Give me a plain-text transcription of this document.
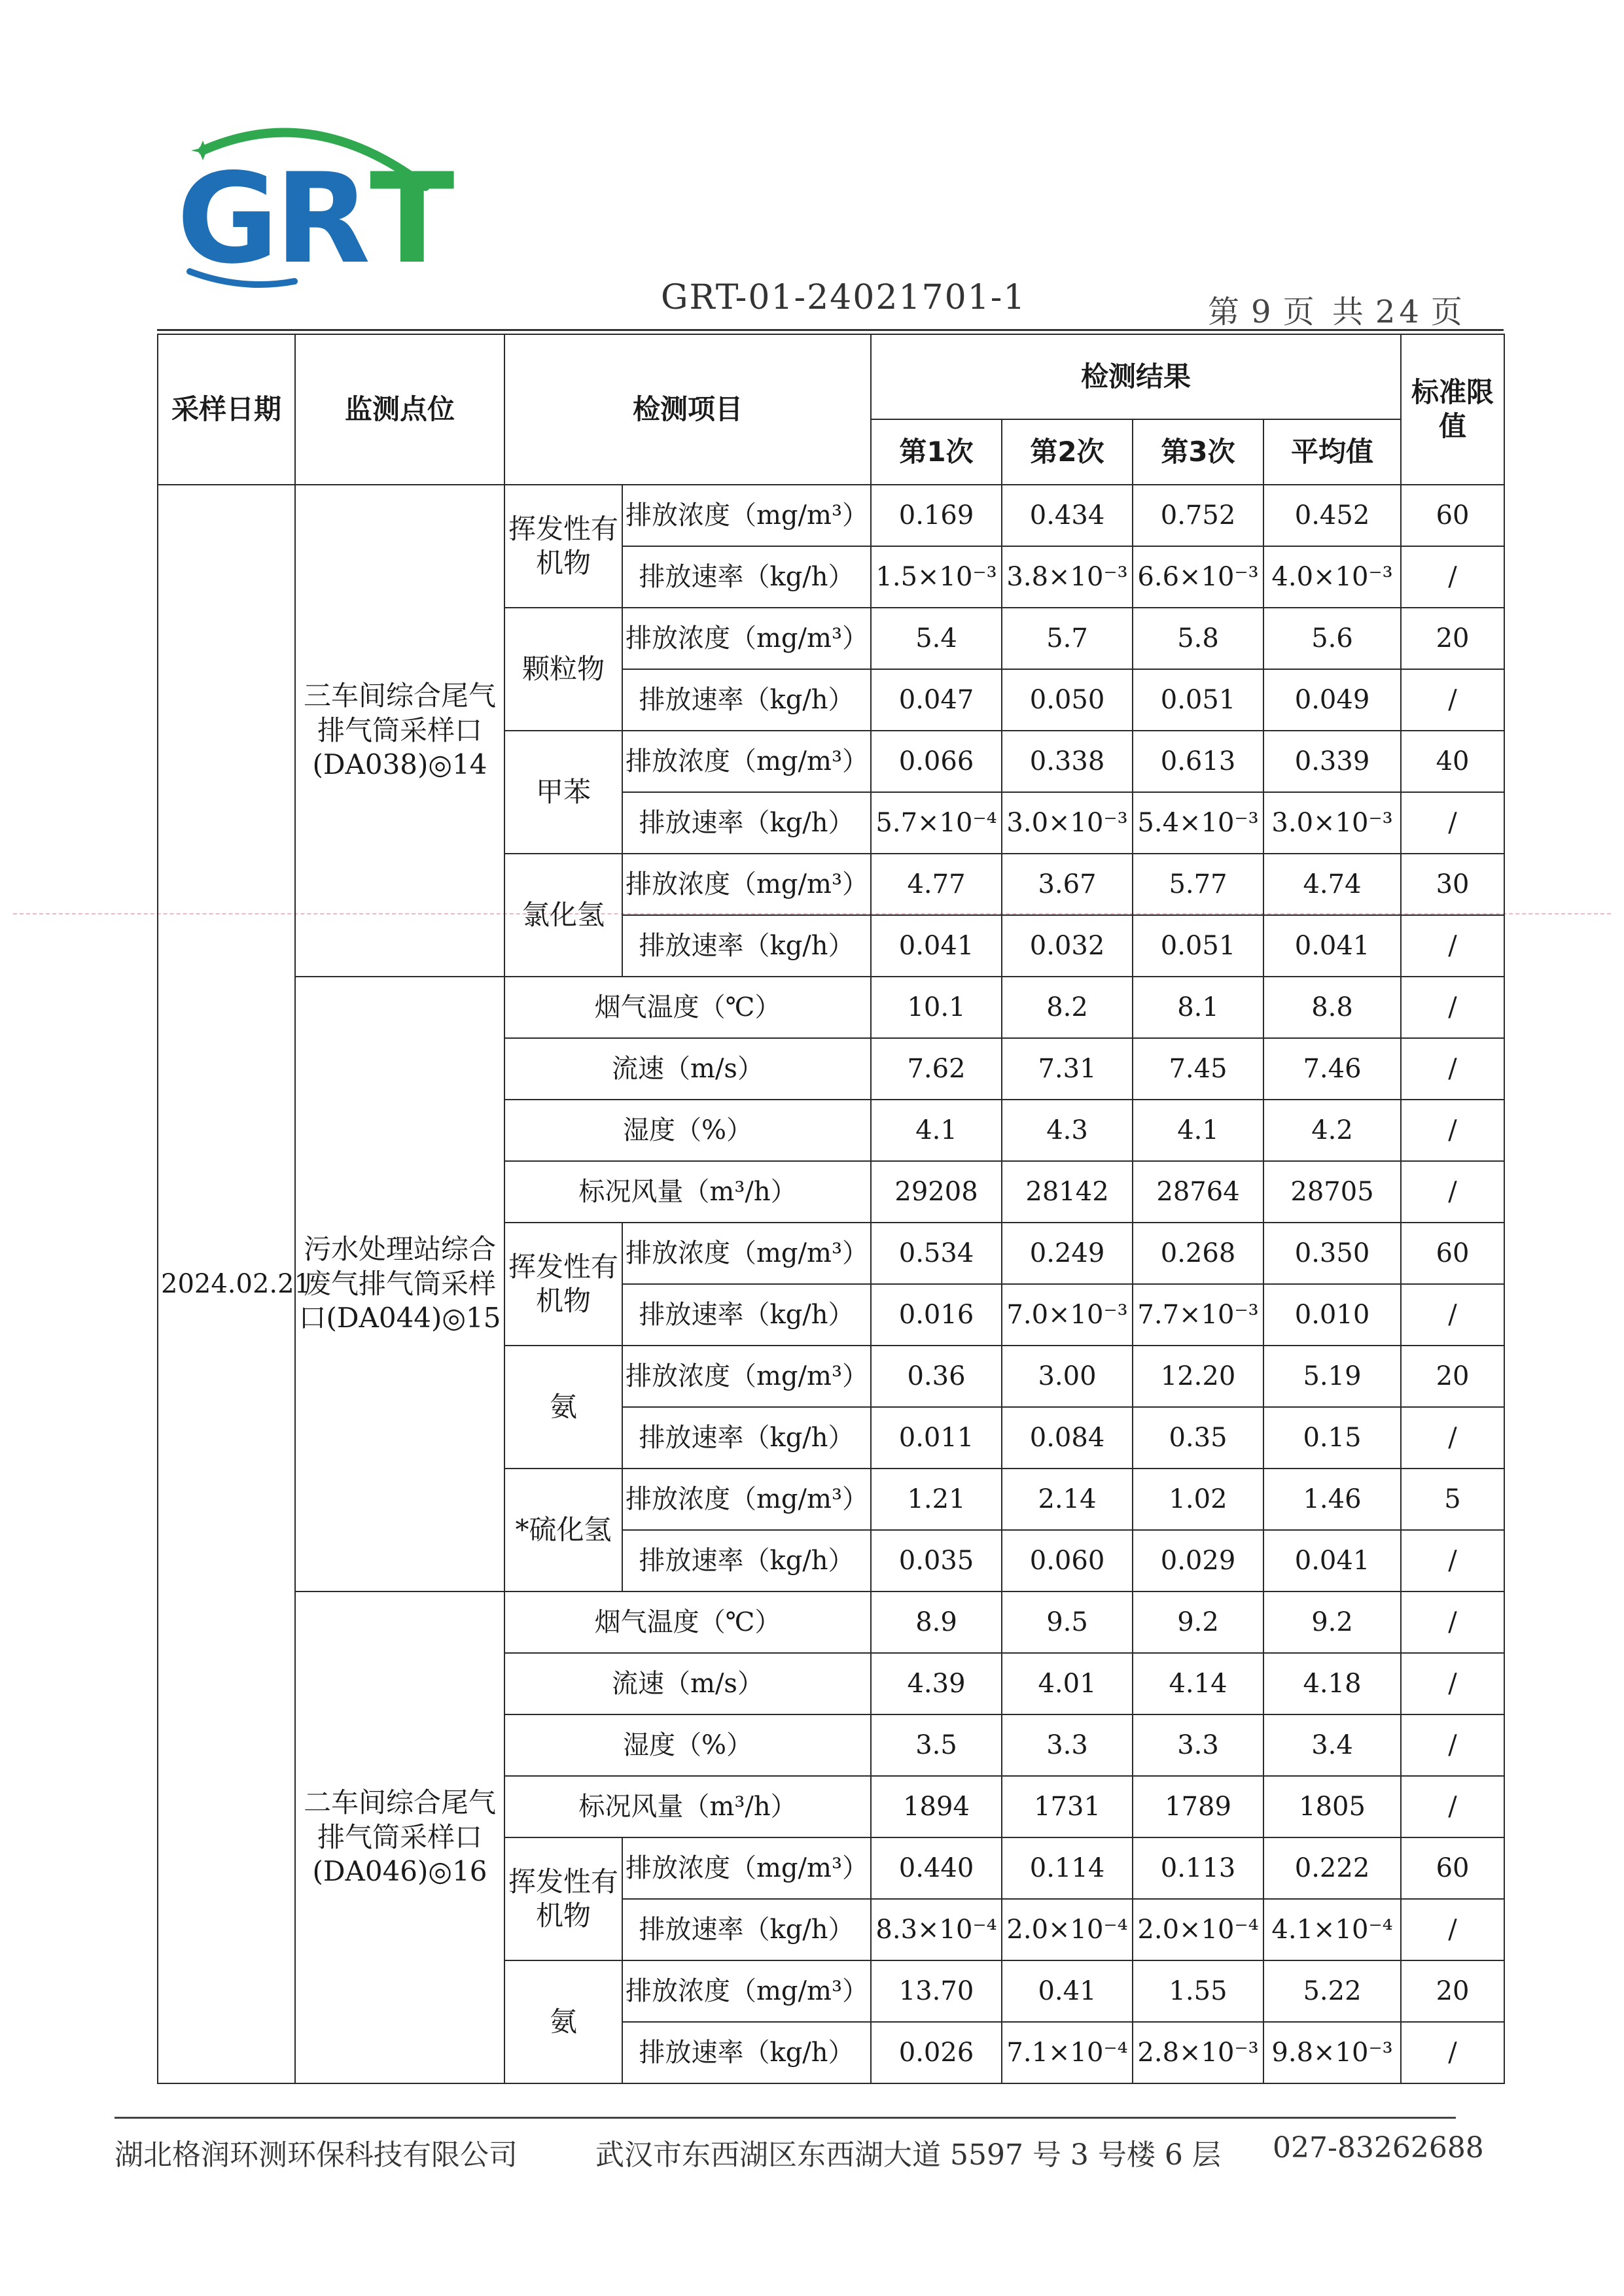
GR T
GRT-01-24021701-1	第 9 页 共 24 页
采样日期	监测点位	检测项目		检测结果				标准限值
				第1次	第2次	第3次	平均值	
2024.02.21	三车间综合尾气排气筒采样口(DA038)◎14	挥发性有机物	排放浓度（mg/m³）	0.169	0.434	0.752	0.452	60
			排放速率（kg/h）	1.5×10⁻³	3.8×10⁻³	6.6×10⁻³	4.0×10⁻³	/
		颗粒物	排放浓度（mg/m³）	5.4	5.7	5.8	5.6	20
			排放速率（kg/h）	0.047	0.050	0.051	0.049	/
		甲苯	排放浓度（mg/m³）	0.066	0.338	0.613	0.339	40
			排放速率（kg/h）	5.7×10⁻⁴	3.0×10⁻³	5.4×10⁻³	3.0×10⁻³	/
		氯化氢	排放浓度（mg/m³）	4.77	3.67	5.77	4.74	30
			排放速率（kg/h）	0.041	0.032	0.051	0.041	/
	污水处理站综合废气排气筒采样口(DA044)◎15	烟气温度（℃）		10.1	8.2	8.1	8.8	/
		流速（m/s）		7.62	7.31	7.45	7.46	/
		湿度（%）		4.1	4.3	4.1	4.2	/
		标况风量（m³/h）		29208	28142	28764	28705	/
		挥发性有机物	排放浓度（mg/m³）	0.534	0.249	0.268	0.350	60
			排放速率（kg/h）	0.016	7.0×10⁻³	7.7×10⁻³	0.010	/
		氨	排放浓度（mg/m³）	0.36	3.00	12.20	5.19	20
			排放速率（kg/h）	0.011	0.084	0.35	0.15	/
		*硫化氢	排放浓度（mg/m³）	1.21	2.14	1.02	1.46	5
			排放速率（kg/h）	0.035	0.060	0.029	0.041	/
	二车间综合尾气排气筒采样口(DA046)◎16	烟气温度（℃）		8.9	9.5	9.2	9.2	/
		流速（m/s）		4.39	4.01	4.14	4.18	/
		湿度（%）		3.5	3.3	3.3	3.4	/
		标况风量（m³/h）		1894	1731	1789	1805	/
		挥发性有机物	排放浓度（mg/m³）	0.440	0.114	0.113	0.222	60
			排放速率（kg/h）	8.3×10⁻⁴	2.0×10⁻⁴	2.0×10⁻⁴	4.1×10⁻⁴	/
		氨	排放浓度（mg/m³）	13.70	0.41	1.55	5.22	20
			排放速率（kg/h）	0.026	7.1×10⁻⁴	2.8×10⁻³	9.8×10⁻³	/
湖北格润环测环保科技有限公司	武汉市东西湖区东西湖大道 5597 号 3 号楼 6 层 027-83262688
